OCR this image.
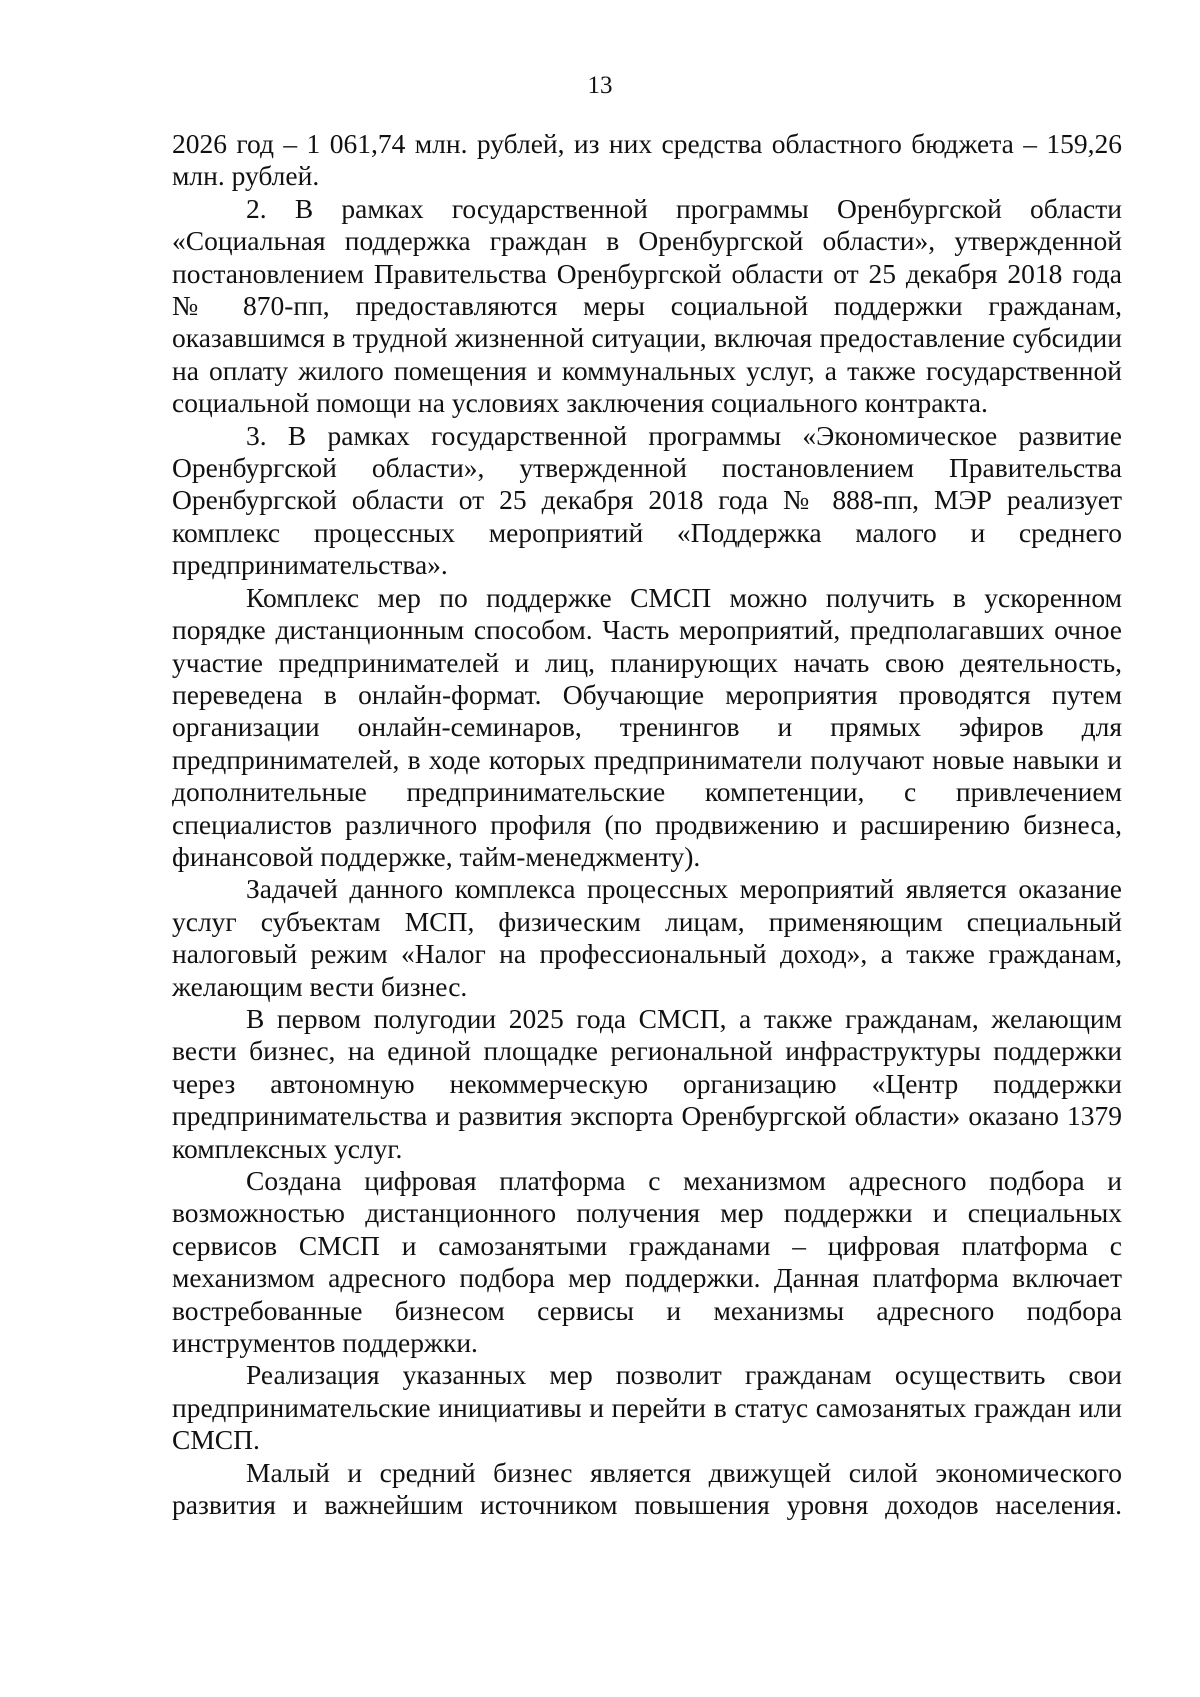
13

2026 год – 1 061,74 млн. рублей, из них средства областного бюджета – 159,26 млн. рублей.

2. В рамках государственной программы Оренбургской области «Социальная поддержка граждан в Оренбургской области», утвержденной постановлением Правительства Оренбургской области от 25 декабря 2018 года № 870-пп, предоставляются меры социальной поддержки гражданам, оказавшимся в трудной жизненной ситуации, включая предоставление субсидии на оплату жилого помещения и коммунальных услуг, а также государственной социальной помощи на условиях заключения социального контракта.

3. В рамках государственной программы «Экономическое развитие Оренбургской области», утвержденной постановлением Правительства Оренбургской области от 25 декабря 2018 года № 888-пп, МЭР реализует комплекс процессных мероприятий «Поддержка малого и среднего предпринимательства».

Комплекс мер по поддержке СМСП можно получить в ускоренном порядке дистанционным способом. Часть мероприятий, предполагавших очное участие предпринимателей и лиц, планирующих начать свою деятельность, переведена в онлайн-формат. Обучающие мероприятия проводятся путем организации онлайн-семинаров, тренингов и прямых эфиров для предпринимателей, в ходе которых предприниматели получают новые навыки и дополнительные предпринимательские компетенции, с привлечением специалистов различного профиля (по продвижению и расширению бизнеса, финансовой поддержке, тайм-менеджменту).

Задачей данного комплекса процессных мероприятий является оказание услуг субъектам МСП, физическим лицам, применяющим специальный налоговый режим «Налог на профессиональный доход», а также гражданам, желающим вести бизнес.

В первом полугодии 2025 года СМСП, а также гражданам, желающим вести бизнес, на единой площадке региональной инфраструктуры поддержки через автономную некоммерческую организацию «Центр поддержки предпринимательства и развития экспорта Оренбургской области» оказано 1379 комплексных услуг.

Создана цифровая платформа с механизмом адресного подбора и возможностью дистанционного получения мер поддержки и специальных сервисов СМСП и самозанятыми гражданами – цифровая платформа с механизмом адресного подбора мер поддержки. Данная платформа включает востребованные бизнесом сервисы и механизмы адресного подбора инструментов поддержки.

Реализация указанных мер позволит гражданам осуществить свои предпринимательские инициативы и перейти в статус самозанятых граждан или СМСП.

Малый и средний бизнес является движущей силой экономического развития и важнейшим источником повышения уровня доходов населения.
